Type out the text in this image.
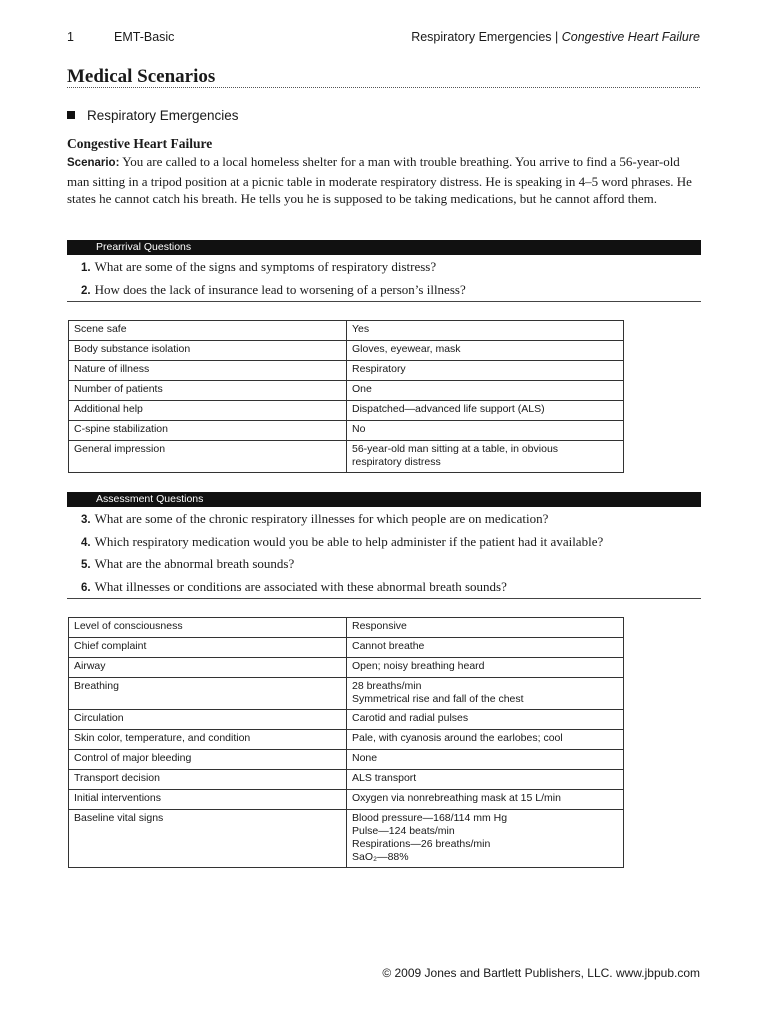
1	EMT-Basic	Respiratory Emergencies | Congestive Heart Failure
Medical Scenarios
Respiratory Emergencies
Congestive Heart Failure

Scenario: You are called to a local homeless shelter for a man with trouble breathing. You arrive to find a 56-year-old man sitting in a tripod position at a picnic table in moderate respiratory distress. He is speaking in 4–5 word phrases. He states he cannot catch his breath. He tells you he is supposed to be taking medications, but he cannot afford them.

Prearrival Questions
1. What are some of the signs and symptoms of respiratory distress?
2. How does the lack of insurance lead to worsening of a person’s illness?
Scene safe	Yes

Body substance isolation	Gloves, eyewear, mask

Nature of illness	Respiratory

Number of patients	One

Additional help	Dispatched—advanced life support (ALS)

C-spine stabilization	No

General impression	56-year-old man sitting at a table, in obvious
respiratory distress
Assessment Questions
3. What are some of the chronic respiratory illnesses for which people are on medication?
4. Which respiratory medication would you be able to help administer if the patient had it available?
5. What are the abnormal breath sounds?
6. What illnesses or conditions are associated with these abnormal breath sounds?
Level of consciousness	Responsive

Chief complaint	Cannot breathe

Airway	Open; noisy breathing heard

Breathing	28 breaths/min
Symmetrical rise and fall of the chest

Circulation	Carotid and radial pulses

Skin color, temperature, and condition	Pale, with cyanosis around the earlobes; cool

Control of major bleeding	None

Transport decision	ALS transport

Initial interventions	Oxygen via nonrebreathing mask at 15 L/min

Baseline vital signs	Blood pressure—168/114 mm Hg
Pulse—124 beats/min
Respirations—26 breaths/min
SaO₂—88%
© 2009 Jones and Bartlett Publishers, LLC. www.jbpub.com
